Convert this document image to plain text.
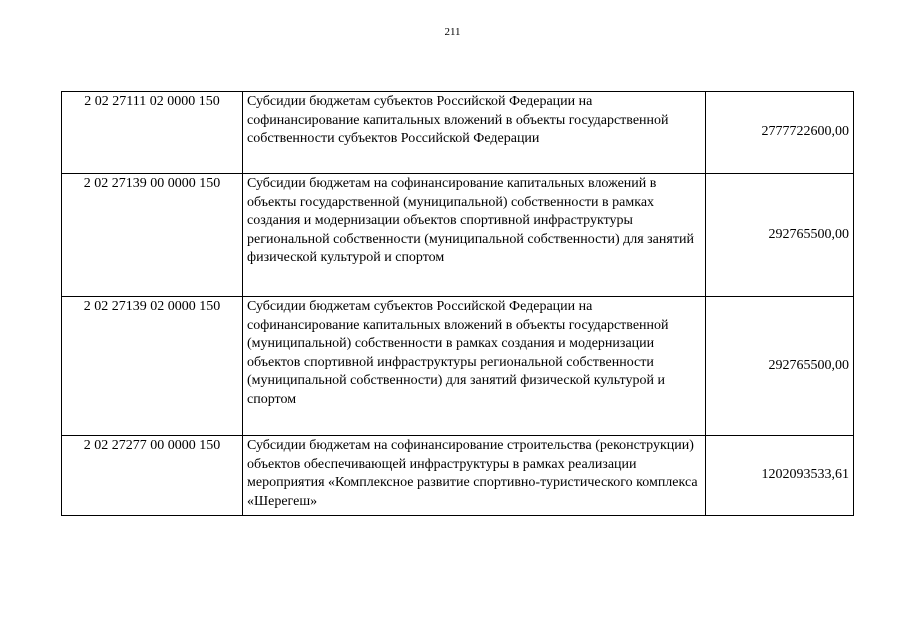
211
2 02 27111 02 0000 150	Субсидии бюджетам субъектов Российской Федерации на софинансирование капитальных вложений в объекты государственной собственности субъектов Российской Федерации	2777722600,00
2 02 27139 00 0000 150	Субсидии бюджетам на софинансирование капитальных вложений в объекты государственной (муниципальной) собственности в рамках создания и модернизации объектов спортивной инфраструктуры региональной собственности (муниципальной собственности) для занятий физической культурой и спортом	292765500,00
2 02 27139 02 0000 150	Субсидии бюджетам субъектов Российской Федерации на софинансирование капитальных вложений в объекты государственной (муниципальной) собственности в рамках создания и модернизации объектов спортивной инфраструктуры региональной собственности (муниципальной собственности) для занятий физической культурой и спортом	292765500,00
2 02 27277 00 0000 150	Субсидии бюджетам на софинансирование строительства (реконструкции) объектов обеспечивающей инфраструктуры в рамках реализации мероприятия «Комплексное развитие спортивно-туристического комплекса «Шерегеш»	1202093533,61
